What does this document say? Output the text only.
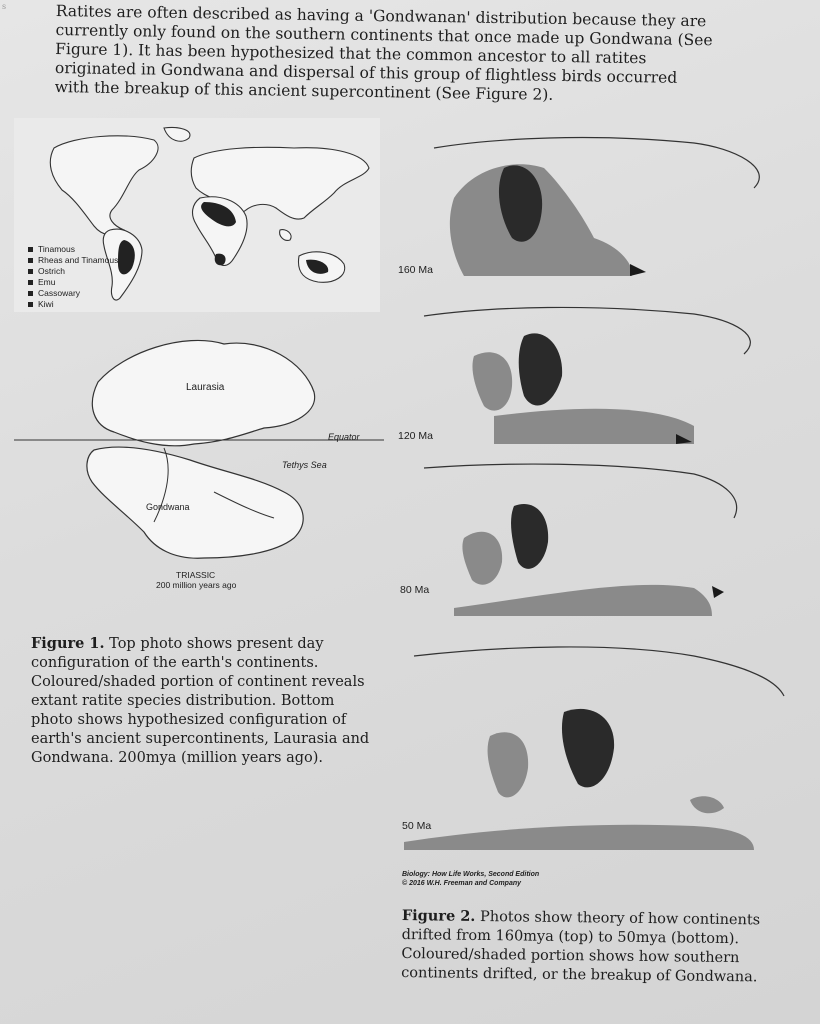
s	Ratites are often described as having a 'Gondwanan' distribution because they are currently only found on the southern continents that once made up Gondwana (See Figure 1). It has been hypothesized that the common ancestor to all ratites originated in Gondwana and dispersal of this group of flightless birds occurred with the breakup of this ancient supercontinent (See Figure 2).

Tinamous
Rheas and Tinamous
Ostrich
Emu
Cassowary
Kiwi
Laurasia
Equator
Tethys Sea
Gondwana
TRIASSIC
200 million years ago
Figure 1. Top photo shows present day configuration of the earth's continents. Coloured/shaded portion of continent reveals extant ratite species distribution. Bottom photo shows hypothesized configuration of earth's ancient supercontinents, Laurasia and Gondwana. 200mya (million years ago).
160 Ma
120 Ma
80 Ma
50 Ma
Biology: How Life Works, Second Edition
© 2016 W.H. Freeman and Company
Figure 2. Photos show theory of how continents drifted from 160mya (top) to 50mya (bottom). Coloured/shaded portion shows how southern continents drifted, or the breakup of Gondwana.
